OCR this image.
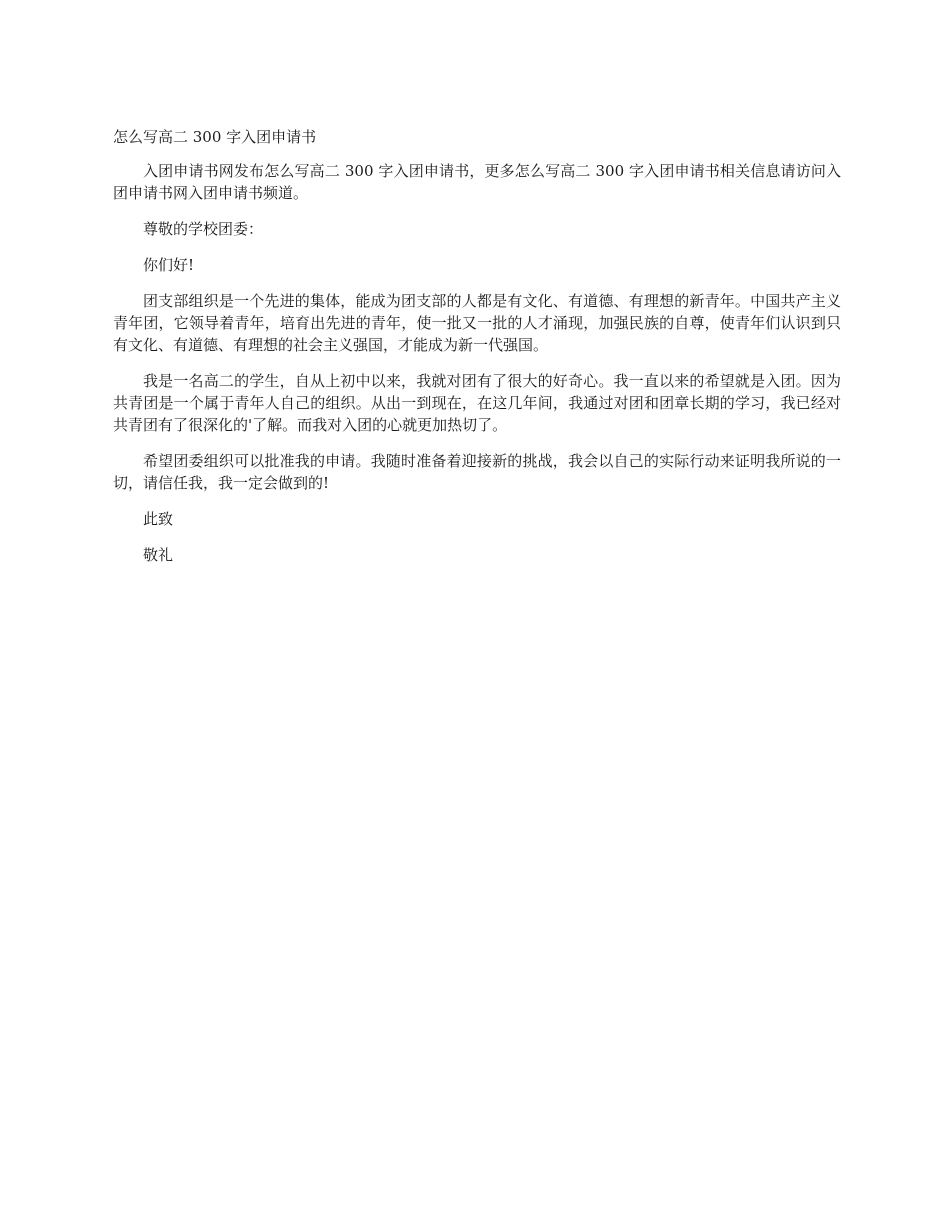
怎么写高二 300 字入团申请书

入团申请书网发布怎么写高二 300 字入团申请书，更多怎么写高二 300 字入团申请书相关信息请访问入团申请书网入团申请书频道。

尊敬的学校团委：

你们好!

团支部组织是一个先进的集体，能成为团支部的人都是有文化、有道德、有理想的新青年。中国共产主义青年团，它领导着青年，培育出先进的青年，使一批又一批的人才涌现，加强民族的自尊，使青年们认识到只有文化、有道德、有理想的社会主义强国，才能成为新一代强国。

我是一名高二的学生，自从上初中以来，我就对团有了很大的好奇心。我一直以来的希望就是入团。因为共青团是一个属于青年人自己的组织。从出一到现在，在这几年间，我通过对团和团章长期的学习，我已经对共青团有了很深化的'了解。而我对入团的心就更加热切了。

希望团委组织可以批准我的申请。我随时准备着迎接新的挑战，我会以自己的实际行动来证明我所说的一切，请信任我，我一定会做到的!

此致

敬礼
